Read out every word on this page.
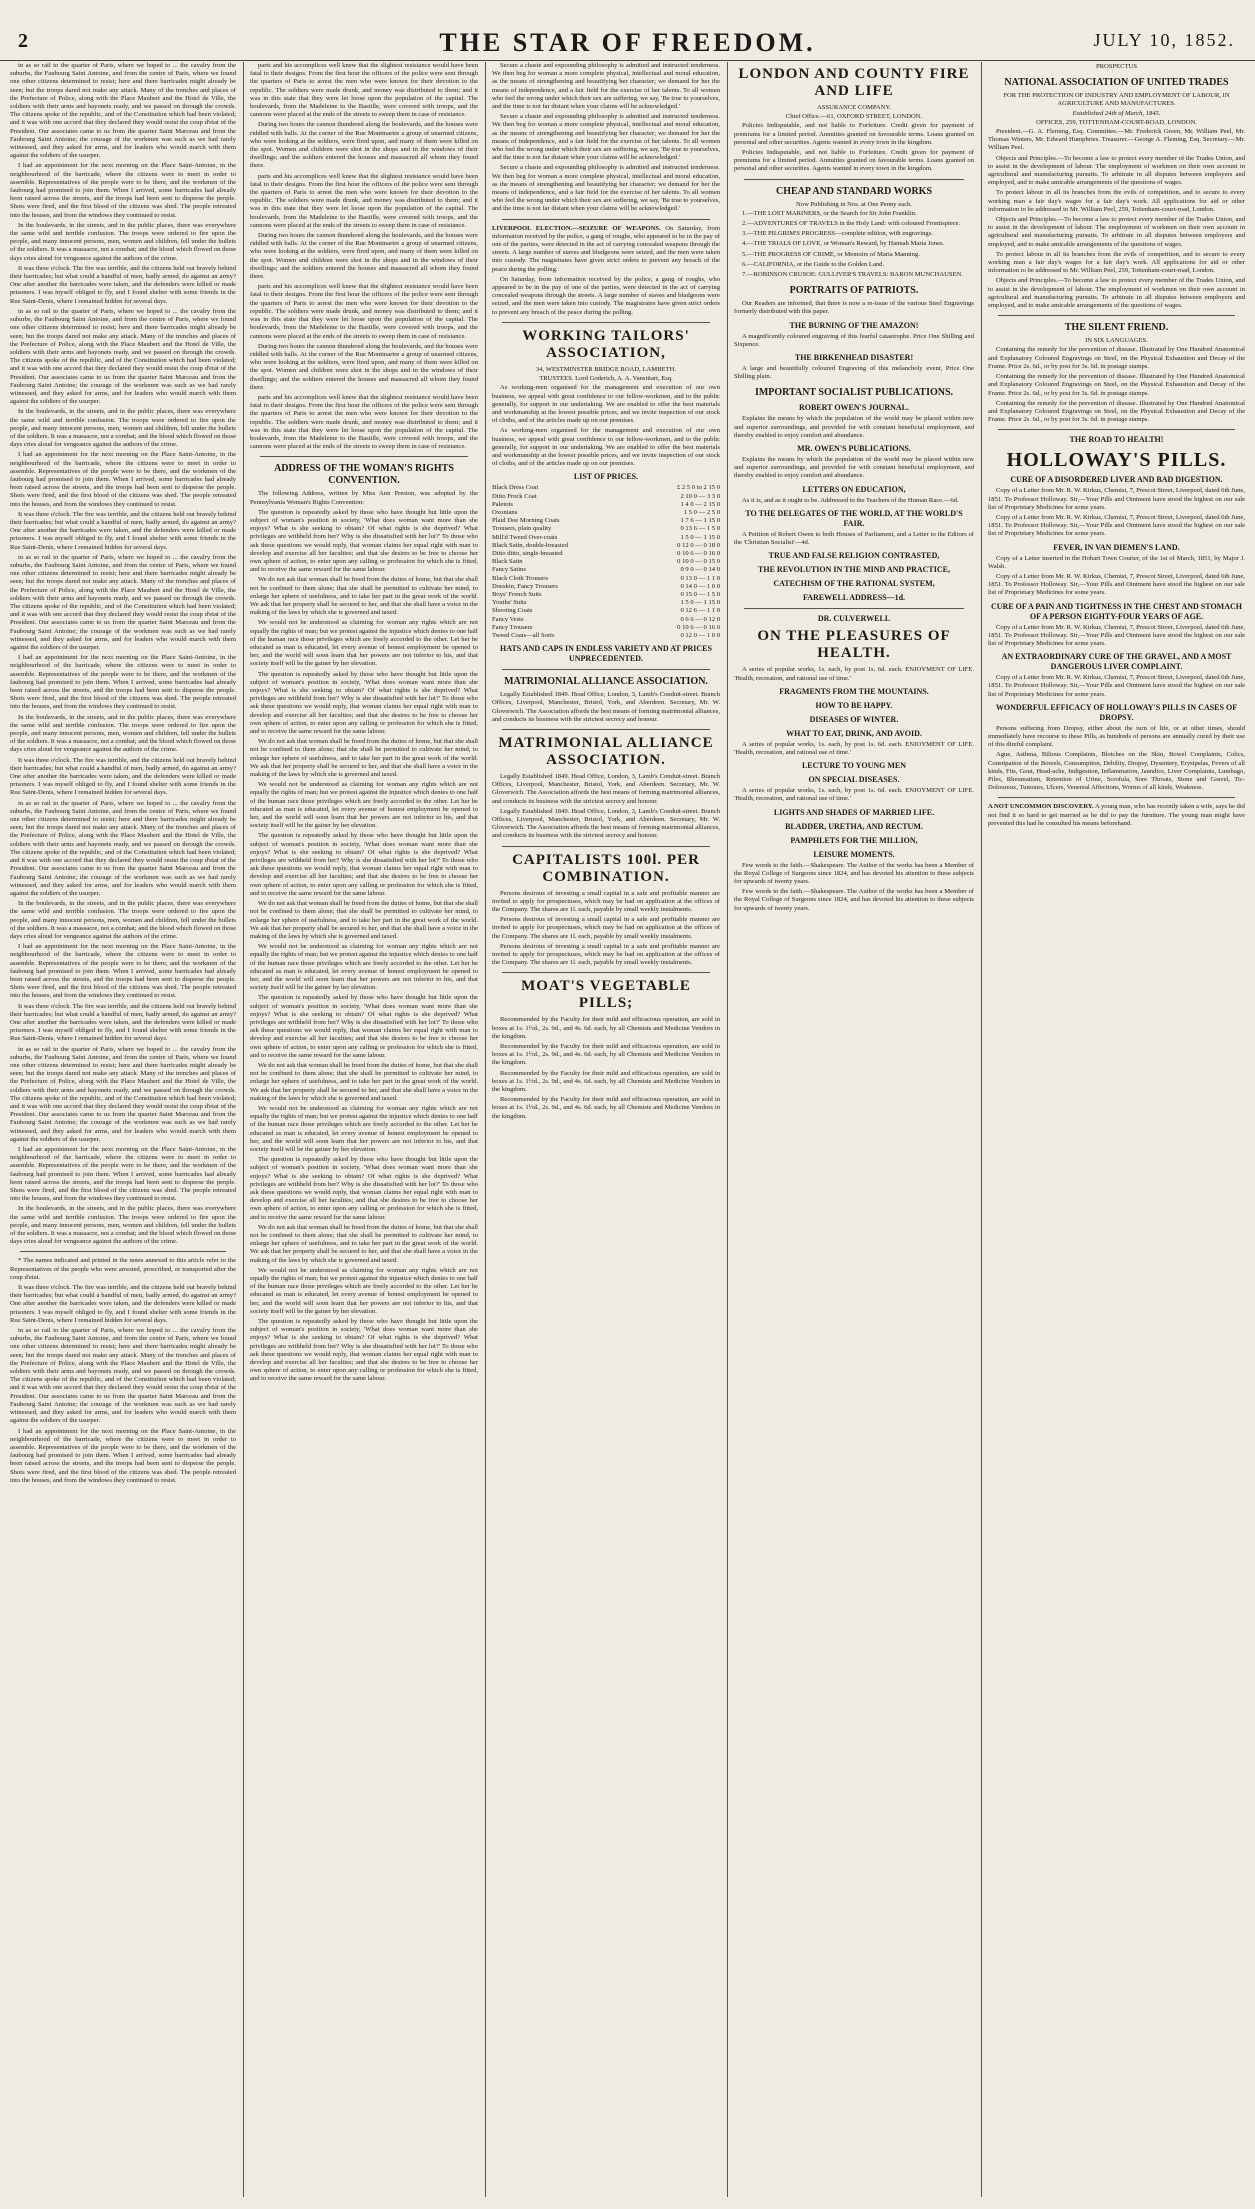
2	THE STAR OF FREEDOM.	JULY 10, 1852.

in as so rail to the quarter of Paris, where we hoped to ... the cavalry from the suburbs, the Faubourg Saint Antoine, and from the centre of Paris, where we found one other citizens determined to resist; here and there barricades might already be seen; but the troops dared not make any attack. Many of the trenches and places of the Prefecture of Police, along with the Place Maubert and the Hotel de Ville, the soldiers with their arms and bayonets ready, and we passed on through the crowds. The citizens spoke of the republic, and of the Constitution which had been violated; and it was with one accord that they declared they would resist the coup d'etat of the President. Our associates came to us from the quarter Saint Marceau and from the Faubourg Saint Antoine; the courage of the workmen was such as we had rarely witnessed, and they asked for arms, and for leaders who would march with them against the soldiers of the usurper.

I had an appointment for the next morning on the Place Saint-Antoine, in the neighbourhood of the barricade, where the citizens were to meet in order to assemble. Representatives of the people were to be there, and the workmen of the faubourg had promised to join them. When I arrived, some barricades had already been raised across the streets, and the troops had been sent to disperse the people. Shots were fired, and the first blood of the citizens was shed. The people retreated into the houses, and from the windows they continued to resist.

In the boulevards, in the streets, and in the public places, there was everywhere the same wild and terrible confusion. The troops were ordered to fire upon the people, and many innocent persons, men, women and children, fell under the bullets of the soldiers. It was a massacre, not a combat; and the blood which flowed on those days cries aloud for vengeance against the authors of the crime.

It was three o'clock. The fire was terrible, and the citizens held out bravely behind their barricades; but what could a handful of men, badly armed, do against an army? One after another the barricades were taken, and the defenders were killed or made prisoners. I was myself obliged to fly, and I found shelter with some friends in the Rue Saint-Denis, where I remained hidden for several days.

in as so rail to the quarter of Paris, where we hoped to ... the cavalry from the suburbs, the Faubourg Saint Antoine, and from the centre of Paris, where we found one other citizens determined to resist; here and there barricades might already be seen; but the troops dared not make any attack. Many of the trenches and places of the Prefecture of Police, along with the Place Maubert and the Hotel de Ville, the soldiers with their arms and bayonets ready, and we passed on through the crowds. The citizens spoke of the republic, and of the Constitution which had been violated; and it was with one accord that they declared they would resist the coup d'etat of the President. Our associates came to us from the quarter Saint Marceau and from the Faubourg Saint Antoine; the courage of the workmen was such as we had rarely witnessed, and they asked for arms, and for leaders who would march with them against the soldiers of the usurper.

In the boulevards, in the streets, and in the public places, there was everywhere the same wild and terrible confusion. The troops were ordered to fire upon the people, and many innocent persons, men, women and children, fell under the bullets of the soldiers. It was a massacre, not a combat; and the blood which flowed on those days cries aloud for vengeance against the authors of the crime.

I had an appointment for the next morning on the Place Saint-Antoine, in the neighbourhood of the barricade, where the citizens were to meet in order to assemble. Representatives of the people were to be there, and the workmen of the faubourg had promised to join them. When I arrived, some barricades had already been raised across the streets, and the troops had been sent to disperse the people. Shots were fired, and the first blood of the citizens was shed. The people retreated into the houses, and from the windows they continued to resist.

It was three o'clock. The fire was terrible, and the citizens held out bravely behind their barricades; but what could a handful of men, badly armed, do against an army? One after another the barricades were taken, and the defenders were killed or made prisoners. I was myself obliged to fly, and I found shelter with some friends in the Rue Saint-Denis, where I remained hidden for several days.

in as so rail to the quarter of Paris, where we hoped to ... the cavalry from the suburbs, the Faubourg Saint Antoine, and from the centre of Paris, where we found one other citizens determined to resist; here and there barricades might already be seen; but the troops dared not make any attack. Many of the trenches and places of the Prefecture of Police, along with the Place Maubert and the Hotel de Ville, the soldiers with their arms and bayonets ready, and we passed on through the crowds. The citizens spoke of the republic, and of the Constitution which had been violated; and it was with one accord that they declared they would resist the coup d'etat of the President. Our associates came to us from the quarter Saint Marceau and from the Faubourg Saint Antoine; the courage of the workmen was such as we had rarely witnessed, and they asked for arms, and for leaders who would march with them against the soldiers of the usurper.

I had an appointment for the next morning on the Place Saint-Antoine, in the neighbourhood of the barricade, where the citizens were to meet in order to assemble. Representatives of the people were to be there, and the workmen of the faubourg had promised to join them. When I arrived, some barricades had already been raised across the streets, and the troops had been sent to disperse the people. Shots were fired, and the first blood of the citizens was shed. The people retreated into the houses, and from the windows they continued to resist.

In the boulevards, in the streets, and in the public places, there was everywhere the same wild and terrible confusion. The troops were ordered to fire upon the people, and many innocent persons, men, women and children, fell under the bullets of the soldiers. It was a massacre, not a combat; and the blood which flowed on those days cries aloud for vengeance against the authors of the crime.

It was three o'clock. The fire was terrible, and the citizens held out bravely behind their barricades; but what could a handful of men, badly armed, do against an army? One after another the barricades were taken, and the defenders were killed or made prisoners. I was myself obliged to fly, and I found shelter with some friends in the Rue Saint-Denis, where I remained hidden for several days.

in as so rail to the quarter of Paris, where we hoped to ... the cavalry from the suburbs, the Faubourg Saint Antoine, and from the centre of Paris, where we found one other citizens determined to resist; here and there barricades might already be seen; but the troops dared not make any attack. Many of the trenches and places of the Prefecture of Police, along with the Place Maubert and the Hotel de Ville, the soldiers with their arms and bayonets ready, and we passed on through the crowds. The citizens spoke of the republic, and of the Constitution which had been violated; and it was with one accord that they declared they would resist the coup d'etat of the President. Our associates came to us from the quarter Saint Marceau and from the Faubourg Saint Antoine; the courage of the workmen was such as we had rarely witnessed, and they asked for arms, and for leaders who would march with them against the soldiers of the usurper.

In the boulevards, in the streets, and in the public places, there was everywhere the same wild and terrible confusion. The troops were ordered to fire upon the people, and many innocent persons, men, women and children, fell under the bullets of the soldiers. It was a massacre, not a combat; and the blood which flowed on those days cries aloud for vengeance against the authors of the crime.

I had an appointment for the next morning on the Place Saint-Antoine, in the neighbourhood of the barricade, where the citizens were to meet in order to assemble. Representatives of the people were to be there, and the workmen of the faubourg had promised to join them. When I arrived, some barricades had already been raised across the streets, and the troops had been sent to disperse the people. Shots were fired, and the first blood of the citizens was shed. The people retreated into the houses, and from the windows they continued to resist.

It was three o'clock. The fire was terrible, and the citizens held out bravely behind their barricades; but what could a handful of men, badly armed, do against an army? One after another the barricades were taken, and the defenders were killed or made prisoners. I was myself obliged to fly, and I found shelter with some friends in the Rue Saint-Denis, where I remained hidden for several days.

in as so rail to the quarter of Paris, where we hoped to ... the cavalry from the suburbs, the Faubourg Saint Antoine, and from the centre of Paris, where we found one other citizens determined to resist; here and there barricades might already be seen; but the troops dared not make any attack. Many of the trenches and places of the Prefecture of Police, along with the Place Maubert and the Hotel de Ville, the soldiers with their arms and bayonets ready, and we passed on through the crowds. The citizens spoke of the republic, and of the Constitution which had been violated; and it was with one accord that they declared they would resist the coup d'etat of the President. Our associates came to us from the quarter Saint Marceau and from the Faubourg Saint Antoine; the courage of the workmen was such as we had rarely witnessed, and they asked for arms, and for leaders who would march with them against the soldiers of the usurper.

I had an appointment for the next morning on the Place Saint-Antoine, in the neighbourhood of the barricade, where the citizens were to meet in order to assemble. Representatives of the people were to be there, and the workmen of the faubourg had promised to join them. When I arrived, some barricades had already been raised across the streets, and the troops had been sent to disperse the people. Shots were fired, and the first blood of the citizens was shed. The people retreated into the houses, and from the windows they continued to resist.

In the boulevards, in the streets, and in the public places, there was everywhere the same wild and terrible confusion. The troops were ordered to fire upon the people, and many innocent persons, men, women and children, fell under the bullets of the soldiers. It was a massacre, not a combat; and the blood which flowed on those days cries aloud for vengeance against the authors of the crime.

* The names indicated and printed in the notes annexed to this article refer to the Representatives of the people who were arrested, proscribed, or transported after the coup d'etat.

It was three o'clock. The fire was terrible, and the citizens held out bravely behind their barricades; but what could a handful of men, badly armed, do against an army? One after another the barricades were taken, and the defenders were killed or made prisoners. I was myself obliged to fly, and I found shelter with some friends in the Rue Saint-Denis, where I remained hidden for several days.

in as so rail to the quarter of Paris, where we hoped to ... the cavalry from the suburbs, the Faubourg Saint Antoine, and from the centre of Paris, where we found one other citizens determined to resist; here and there barricades might already be seen; but the troops dared not make any attack. Many of the trenches and places of the Prefecture of Police, along with the Place Maubert and the Hotel de Ville, the soldiers with their arms and bayonets ready, and we passed on through the crowds. The citizens spoke of the republic, and of the Constitution which had been violated; and it was with one accord that they declared they would resist the coup d'etat of the President. Our associates came to us from the quarter Saint Marceau and from the Faubourg Saint Antoine; the courage of the workmen was such as we had rarely witnessed, and they asked for arms, and for leaders who would march with them against the soldiers of the usurper.

I had an appointment for the next morning on the Place Saint-Antoine, in the neighbourhood of the barricade, where the citizens were to meet in order to assemble. Representatives of the people were to be there, and the workmen of the faubourg had promised to join them. When I arrived, some barricades had already been raised across the streets, and the troops had been sent to disperse the people. Shots were fired, and the first blood of the citizens was shed. The people retreated into the houses, and from the windows they continued to resist.

parts and his accomplices well knew that the slightest resistance would have been fatal to their designs. From the first hour the officers of the police were sent through the quarters of Paris to arrest the men who were known for their devotion to the republic. The soldiers were made drunk, and money was distributed to them; and it was in this state that they were let loose upon the population of the capital. The boulevards, from the Madeleine to the Bastille, were covered with troops, and the cannons were placed at the ends of the streets to sweep them in case of resistance.

During two hours the cannon thundered along the boulevards, and the houses were riddled with balls. At the corner of the Rue Montmartre a group of unarmed citizens, who were looking at the soldiers, were fired upon, and many of them were killed on the spot. Women and children were shot in the shops and in the windows of their dwellings; and the soldiers entered the houses and massacred all whom they found there.

parts and his accomplices well knew that the slightest resistance would have been fatal to their designs. From the first hour the officers of the police were sent through the quarters of Paris to arrest the men who were known for their devotion to the republic. The soldiers were made drunk, and money was distributed to them; and it was in this state that they were let loose upon the population of the capital. The boulevards, from the Madeleine to the Bastille, were covered with troops, and the cannons were placed at the ends of the streets to sweep them in case of resistance.

During two hours the cannon thundered along the boulevards, and the houses were riddled with balls. At the corner of the Rue Montmartre a group of unarmed citizens, who were looking at the soldiers, were fired upon, and many of them were killed on the spot. Women and children were shot in the shops and in the windows of their dwellings; and the soldiers entered the houses and massacred all whom they found there.

parts and his accomplices well knew that the slightest resistance would have been fatal to their designs. From the first hour the officers of the police were sent through the quarters of Paris to arrest the men who were known for their devotion to the republic. The soldiers were made drunk, and money was distributed to them; and it was in this state that they were let loose upon the population of the capital. The boulevards, from the Madeleine to the Bastille, were covered with troops, and the cannons were placed at the ends of the streets to sweep them in case of resistance.

During two hours the cannon thundered along the boulevards, and the houses were riddled with balls. At the corner of the Rue Montmartre a group of unarmed citizens, who were looking at the soldiers, were fired upon, and many of them were killed on the spot. Women and children were shot in the shops and in the windows of their dwellings; and the soldiers entered the houses and massacred all whom they found there.

parts and his accomplices well knew that the slightest resistance would have been fatal to their designs. From the first hour the officers of the police were sent through the quarters of Paris to arrest the men who were known for their devotion to the republic. The soldiers were made drunk, and money was distributed to them; and it was in this state that they were let loose upon the population of the capital. The boulevards, from the Madeleine to the Bastille, were covered with troops, and the cannons were placed at the ends of the streets to sweep them in case of resistance.

ADDRESS OF THE WOMAN'S RIGHTS CONVENTION.

The following Address, written by Miss Ann Preston, was adopted by the Pennsylvania Woman's Rights Convention:

The question is repeatedly asked by those who have thought but little upon the subject of woman's position in society, 'What does woman want more than she enjoys? What is she seeking to obtain? Of what rights is she deprived? What privileges are withheld from her? Why is she dissatisfied with her lot?' To those who ask these questions we would reply, that woman claims her equal right with man to develop and exercise all her faculties; and that she desires to be free to choose her own sphere of action, to enter upon any calling or profession for which she is fitted, and to receive the same reward for the same labour.

We do not ask that woman shall be freed from the duties of home, but that she shall not be confined to them alone; that she shall be permitted to cultivate her mind, to enlarge her sphere of usefulness, and to take her part in the great work of the world. We ask that her property shall be secured to her, and that she shall have a voice in the making of the laws by which she is governed and taxed.

We would not be understood as claiming for woman any rights which are not equally the rights of man; but we protest against the injustice which denies to one half of the human race those privileges which are freely accorded to the other. Let her be educated as man is educated, let every avenue of honest employment be opened to her, and the world will soon learn that her powers are not inferior to his, and that society itself will be the gainer by her elevation.

The question is repeatedly asked by those who have thought but little upon the subject of woman's position in society, 'What does woman want more than she enjoys? What is she seeking to obtain? Of what rights is she deprived? What privileges are withheld from her? Why is she dissatisfied with her lot?' To those who ask these questions we would reply, that woman claims her equal right with man to develop and exercise all her faculties; and that she desires to be free to choose her own sphere of action, to enter upon any calling or profession for which she is fitted, and to receive the same reward for the same labour.

We do not ask that woman shall be freed from the duties of home, but that she shall not be confined to them alone; that she shall be permitted to cultivate her mind, to enlarge her sphere of usefulness, and to take her part in the great work of the world. We ask that her property shall be secured to her, and that she shall have a voice in the making of the laws by which she is governed and taxed.

We would not be understood as claiming for woman any rights which are not equally the rights of man; but we protest against the injustice which denies to one half of the human race those privileges which are freely accorded to the other. Let her be educated as man is educated, let every avenue of honest employment be opened to her, and the world will soon learn that her powers are not inferior to his, and that society itself will be the gainer by her elevation.

The question is repeatedly asked by those who have thought but little upon the subject of woman's position in society, 'What does woman want more than she enjoys? What is she seeking to obtain? Of what rights is she deprived? What privileges are withheld from her? Why is she dissatisfied with her lot?' To those who ask these questions we would reply, that woman claims her equal right with man to develop and exercise all her faculties; and that she desires to be free to choose her own sphere of action, to enter upon any calling or profession for which she is fitted, and to receive the same reward for the same labour.

We do not ask that woman shall be freed from the duties of home, but that she shall not be confined to them alone; that she shall be permitted to cultivate her mind, to enlarge her sphere of usefulness, and to take her part in the great work of the world. We ask that her property shall be secured to her, and that she shall have a voice in the making of the laws by which she is governed and taxed.

We would not be understood as claiming for woman any rights which are not equally the rights of man; but we protest against the injustice which denies to one half of the human race those privileges which are freely accorded to the other. Let her be educated as man is educated, let every avenue of honest employment be opened to her, and the world will soon learn that her powers are not inferior to his, and that society itself will be the gainer by her elevation.

The question is repeatedly asked by those who have thought but little upon the subject of woman's position in society, 'What does woman want more than she enjoys? What is she seeking to obtain? Of what rights is she deprived? What privileges are withheld from her? Why is she dissatisfied with her lot?' To those who ask these questions we would reply, that woman claims her equal right with man to develop and exercise all her faculties; and that she desires to be free to choose her own sphere of action, to enter upon any calling or profession for which she is fitted, and to receive the same reward for the same labour.

We do not ask that woman shall be freed from the duties of home, but that she shall not be confined to them alone; that she shall be permitted to cultivate her mind, to enlarge her sphere of usefulness, and to take her part in the great work of the world. We ask that her property shall be secured to her, and that she shall have a voice in the making of the laws by which she is governed and taxed.

We would not be understood as claiming for woman any rights which are not equally the rights of man; but we protest against the injustice which denies to one half of the human race those privileges which are freely accorded to the other. Let her be educated as man is educated, let every avenue of honest employment be opened to her, and the world will soon learn that her powers are not inferior to his, and that society itself will be the gainer by her elevation.

The question is repeatedly asked by those who have thought but little upon the subject of woman's position in society, 'What does woman want more than she enjoys? What is she seeking to obtain? Of what rights is she deprived? What privileges are withheld from her? Why is she dissatisfied with her lot?' To those who ask these questions we would reply, that woman claims her equal right with man to develop and exercise all her faculties; and that she desires to be free to choose her own sphere of action, to enter upon any calling or profession for which she is fitted, and to receive the same reward for the same labour.

We do not ask that woman shall be freed from the duties of home, but that she shall not be confined to them alone; that she shall be permitted to cultivate her mind, to enlarge her sphere of usefulness, and to take her part in the great work of the world. We ask that her property shall be secured to her, and that she shall have a voice in the making of the laws by which she is governed and taxed.

We would not be understood as claiming for woman any rights which are not equally the rights of man; but we protest against the injustice which denies to one half of the human race those privileges which are freely accorded to the other. Let her be educated as man is educated, let every avenue of honest employment be opened to her, and the world will soon learn that her powers are not inferior to his, and that society itself will be the gainer by her elevation.

The question is repeatedly asked by those who have thought but little upon the subject of woman's position in society, 'What does woman want more than she enjoys? What is she seeking to obtain? Of what rights is she deprived? What privileges are withheld from her? Why is she dissatisfied with her lot?' To those who ask these questions we would reply, that woman claims her equal right with man to develop and exercise all her faculties; and that she desires to be free to choose her own sphere of action, to enter upon any calling or profession for which she is fitted, and to receive the same reward for the same labour.

Secure a chaste and expounding philosophy is admitted and instructed tenderness. We then beg for woman a more complete physical, intellectual and moral education, as the means of strengthening and beautifying her character; we demand for her the means of independence, and a fair field for the exercise of her talents. To all women who feel the wrong under which their sex are suffering, we say, 'Be true to yourselves, and the time is not far distant when your claims will be acknowledged.'

Secure a chaste and expounding philosophy is admitted and instructed tenderness. We then beg for woman a more complete physical, intellectual and moral education, as the means of strengthening and beautifying her character; we demand for her the means of independence, and a fair field for the exercise of her talents. To all women who feel the wrong under which their sex are suffering, we say, 'Be true to yourselves, and the time is not far distant when your claims will be acknowledged.'

Secure a chaste and expounding philosophy is admitted and instructed tenderness. We then beg for woman a more complete physical, intellectual and moral education, as the means of strengthening and beautifying her character; we demand for her the means of independence, and a fair field for the exercise of her talents. To all women who feel the wrong under which their sex are suffering, we say, 'Be true to yourselves, and the time is not far distant when your claims will be acknowledged.'

LIVERPOOL ELECTION.—SEIZURE OF WEAPONS. On Saturday, from information received by the police, a gang of roughs, who appeared to be in the pay of one of the parties, were detected in the act of carrying concealed weapons through the streets. A large number of staves and bludgeons were seized, and the men were taken into custody. The magistrates have given strict orders to prevent any breach of the peace during the polling.

On Saturday, from information received by the police, a gang of roughs, who appeared to be in the pay of one of the parties, were detected in the act of carrying concealed weapons through the streets. A large number of staves and bludgeons were seized, and the men were taken into custody. The magistrates have given strict orders to prevent any breach of the peace during the polling.

WORKING TAILORS' ASSOCIATION,
34, WESTMINSTER BRIDGE ROAD, LAMBETH.
TRUSTEES. Lord Goderich, A. A. Vansittart, Esq.

As working-men organised for the management and execution of our own business, we appeal with great confidence to our fellow-workmen, and to the public generally, for support in our undertaking. We are enabled to offer the best materials and workmanship at the lowest possible prices, and we invite inspection of our stock of cloths, and of the articles made up on our premises.

As working-men organised for the management and execution of our own business, we appeal with great confidence to our fellow-workmen, and to the public generally, for support in our undertaking. We are enabled to offer the best materials and workmanship at the lowest possible prices, and we invite inspection of our stock of cloths, and of the articles made up on our premises.

LIST OF PRICES.
Black Dress Coat	£ 2 5 0 to 2 15 0
Ditto Frock Coat	2 10 0 — 3 3 0
Paletots	1 4 0 — 2 15 0
Oxonians	1 5 0 — 2 5 0
Plaid Doe Morning Coats	1 7 6 — 1 15 0
Trousers, plain quality	0 13 6 — 1 5 0
Mill'd Tweed Over-coats	1 5 0 — 1 15 0
Black Satin, double-breasted	0 12 0 — 0 18 0
Ditto ditto, single-breasted	0 10 6 — 0 16 0
Black Satin	0 10 0 — 0 15 0
Fancy Satins	0 9 0 — 0 14 0
Black Cloth Trousers	0 13 0 — 1 1 0
Doeskin, Fancy Trousers	0 14 0 — 1 0 0
Boys' French Suits	0 15 0 — 1 5 0
Youths' Suits	1 5 0 — 1 15 0
Shooting Coats	0 12 6 — 1 1 0
Fancy Vests	0 6 6 — 0 12 0
Fancy Trousers	0 10 6 — 0 16 0
Tweed Coats—all Sorts	0 12 0 — 1 0 0
HATS AND CAPS IN ENDLESS VARIETY AND AT PRICES UNPRECEDENTED.
MATRIMONIAL ALLIANCE ASSOCIATION.

Legally Established 1849. Head Office, London, 3, Lamb's Conduit-street. Branch Offices, Liverpool, Manchester, Bristol, York, and Aberdeen. Secretary, Mr. W. Gloverwich. The Association affords the best means of forming matrimonial alliances, and conducts its business with the strictest secrecy and honour.

MATRIMONIAL ALLIANCE ASSOCIATION.

Legally Established 1849. Head Office, London, 3, Lamb's Conduit-street. Branch Offices, Liverpool, Manchester, Bristol, York, and Aberdeen. Secretary, Mr. W. Gloverwich. The Association affords the best means of forming matrimonial alliances, and conducts its business with the strictest secrecy and honour.

Legally Established 1849. Head Office, London, 3, Lamb's Conduit-street. Branch Offices, Liverpool, Manchester, Bristol, York, and Aberdeen. Secretary, Mr. W. Gloverwich. The Association affords the best means of forming matrimonial alliances, and conducts its business with the strictest secrecy and honour.

CAPITALISTS 100l. PER COMBINATION.

Persons desirous of investing a small capital in a safe and profitable manner are invited to apply for prospectuses, which may be had on application at the offices of the Company. The shares are 1l. each, payable by small weekly instalments.

Persons desirous of investing a small capital in a safe and profitable manner are invited to apply for prospectuses, which may be had on application at the offices of the Company. The shares are 1l. each, payable by small weekly instalments.

Persons desirous of investing a small capital in a safe and profitable manner are invited to apply for prospectuses, which may be had on application at the offices of the Company. The shares are 1l. each, payable by small weekly instalments.

MOAT'S VEGETABLE PILLS;

Recommended by the Faculty for their mild and efficacious operation, are sold in boxes at 1s. 1½d., 2s. 9d., and 4s. 6d. each, by all Chemists and Medicine Vendors in the kingdom.

Recommended by the Faculty for their mild and efficacious operation, are sold in boxes at 1s. 1½d., 2s. 9d., and 4s. 6d. each, by all Chemists and Medicine Vendors in the kingdom.

Recommended by the Faculty for their mild and efficacious operation, are sold in boxes at 1s. 1½d., 2s. 9d., and 4s. 6d. each, by all Chemists and Medicine Vendors in the kingdom.

Recommended by the Faculty for their mild and efficacious operation, are sold in boxes at 1s. 1½d., 2s. 9d., and 4s. 6d. each, by all Chemists and Medicine Vendors in the kingdom.

LONDON AND COUNTY FIRE AND LIFE
ASSURANCE COMPANY.
Chief Office.—61, OXFORD STREET, LONDON.

Policies Indisputable, and not liable to Forfeiture. Credit given for payment of premiums for a limited period. Annuities granted on favourable terms. Loans granted on personal and other securities. Agents wanted in every town in the kingdom.

Policies Indisputable, and not liable to Forfeiture. Credit given for payment of premiums for a limited period. Annuities granted on favourable terms. Loans granted on personal and other securities. Agents wanted in every town in the kingdom.

CHEAP AND STANDARD WORKS
Now Publishing in Nos. at One Penny each.

1.—THE LOST MARINERS, or the Search for Sir John Franklin.

2.—ADVENTURES OF TRAVELS in the Holy Land: with coloured Frontispiece.

3.—THE PILGRIM'S PROGRESS—complete edition, with engravings.

4.—THE TRIALS OF LOVE, or Woman's Reward, by Hannah Maria Jones.

5.—THE PROGRESS OF CRIME, or Memoirs of Maria Manning.

6.—CALIFORNIA, or the Guide to the Golden Land.

7.—ROBINSON CRUSOE: GULLIVER'S TRAVELS: BARON MUNCHAUSEN.

PORTRAITS OF PATRIOTS.

Our Readers are informed, that there is now a re-issue of the various Steel Engravings formerly distributed with this paper.

THE BURNING OF THE AMAZON!

A magnificently coloured engraving of this fearful catastrophe. Price One Shilling and Sixpence.

THE BIRKENHEAD DISASTER!

A large and beautifully coloured Engraving of this melancholy event, Price One Shilling plain.

IMPORTANT SOCIALIST PUBLICATIONS.
ROBERT OWEN'S JOURNAL.

Explains the means by which the population of the world may be placed within new and superior surroundings, and provided for with constant beneficial employment, and thereby enabled to enjoy comfort and abundance.

MR. OWEN'S PUBLICATIONS.

Explains the means by which the population of the world may be placed within new and superior surroundings, and provided for with constant beneficial employment, and thereby enabled to enjoy comfort and abundance.

LETTERS ON EDUCATION,

As it is, and as it ought to be. Addressed to the Teachers of the Human Race.—6d.

TO THE DELEGATES OF THE WORLD, AT THE WORLD'S FAIR.

A Petition of Robert Owen to both Houses of Parliament, and a Letter to the Editors of the 'Christian Socialist'—4d.

TRUE AND FALSE RELIGION CONTRASTED,
THE REVOLUTION IN THE MIND AND PRACTICE,
CATECHISM OF THE RATIONAL SYSTEM,
FAREWELL ADDRESS—1d.
DR. CULVERWELL
ON THE PLEASURES OF HEALTH.

A series of popular works, 1s. each, by post 1s. 6d. each. ENJOYMENT OF LIFE. 'Health, recreation, and rational use of time.'

FRAGMENTS FROM THE MOUNTAINS.
HOW TO BE HAPPY.
DISEASES OF WINTER.
WHAT TO EAT, DRINK, AND AVOID.

A series of popular works, 1s. each, by post 1s. 6d. each. ENJOYMENT OF LIFE. 'Health, recreation, and rational use of time.'

LECTURE TO YOUNG MEN
ON SPECIAL DISEASES.

A series of popular works, 1s. each, by post 1s. 6d. each. ENJOYMENT OF LIFE. 'Health, recreation, and rational use of time.'

LIGHTS AND SHADES OF MARRIED LIFE.
BLADDER, URETHA, AND RECTUM.
PAMPHLETS FOR THE MILLION,
LEISURE MOMENTS.

Few words to the faith.—Shakespeare. The Author of the works has been a Member of the Royal College of Surgeons since 1824, and has devoted his attention to these subjects for upwards of twenty years.

Few words to the faith.—Shakespeare. The Author of the works has been a Member of the Royal College of Surgeons since 1824, and has devoted his attention to these subjects for upwards of twenty years.

PROSPECTUS
NATIONAL ASSOCIATION OF UNITED TRADES
FOR THE PROTECTION OF INDUSTRY AND EMPLOYMENT OF LABOUR, IN AGRICULTURE AND MANUFACTURES.
Established 24th of March, 1845.
OFFICES, 259, TOTTENHAM-COURT-ROAD, LONDON.

President.—G. A. Fleming, Esq. Committee.—Mr. Frederick Green, Mr. William Peel, Mr. Thomas Winters, Mr. Edward Humphries. Treasurer.—George A. Fleming, Esq. Secretary.—Mr. William Peel.

Objects and Principles.—To become a law to protect every member of the Trades Union, and to assist in the development of labour. The employment of workmen on their own account in agricultural and manufacturing pursuits. To arbitrate in all disputes between employers and employed, and to make amicable arrangements of the questions of wages.

To protect labour in all its branches from the evils of competition, and to secure to every working man a fair day's wages for a fair day's work. All applications for aid or other information to be addressed to Mr. William Peel, 259, Tottenham-court-road, London.

Objects and Principles.—To become a law to protect every member of the Trades Union, and to assist in the development of labour. The employment of workmen on their own account in agricultural and manufacturing pursuits. To arbitrate in all disputes between employers and employed, and to make amicable arrangements of the questions of wages.

To protect labour in all its branches from the evils of competition, and to secure to every working man a fair day's wages for a fair day's work. All applications for aid or other information to be addressed to Mr. William Peel, 259, Tottenham-court-road, London.

Objects and Principles.—To become a law to protect every member of the Trades Union, and to assist in the development of labour. The employment of workmen on their own account in agricultural and manufacturing pursuits. To arbitrate in all disputes between employers and employed, and to make amicable arrangements of the questions of wages.

THE SILENT FRIEND.
IN SIX LANGUAGES.

Containing the remedy for the prevention of disease. Illustrated by One Hundred Anatomical and Explanatory Coloured Engravings on Steel, on the Physical Exhaustion and Decay of the Frame. Price 2s. 6d., or by post for 3s. 6d. in postage stamps.

Containing the remedy for the prevention of disease. Illustrated by One Hundred Anatomical and Explanatory Coloured Engravings on Steel, on the Physical Exhaustion and Decay of the Frame. Price 2s. 6d., or by post for 3s. 6d. in postage stamps.

Containing the remedy for the prevention of disease. Illustrated by One Hundred Anatomical and Explanatory Coloured Engravings on Steel, on the Physical Exhaustion and Decay of the Frame. Price 2s. 6d., or by post for 3s. 6d. in postage stamps.

THE ROAD TO HEALTH!
HOLLOWAY'S PILLS.
CURE OF A DISORDERED LIVER AND BAD DIGESTION.

Copy of a Letter from Mr. R. W. Kirkus, Chemist, 7, Prescot Street, Liverpool, dated 6th June, 1851. To Professor Holloway. Sir,—Your Pills and Ointment have stood the highest on our sale list of Proprietary Medicines for some years.

Copy of a Letter from Mr. R. W. Kirkus, Chemist, 7, Prescot Street, Liverpool, dated 6th June, 1851. To Professor Holloway. Sir,—Your Pills and Ointment have stood the highest on our sale list of Proprietary Medicines for some years.

FEVER, IN VAN DIEMEN'S LAND.

Copy of a Letter inserted in the Hobart Town Courier, of the 1st of March, 1851, by Major J. Walsh.

Copy of a Letter from Mr. R. W. Kirkus, Chemist, 7, Prescot Street, Liverpool, dated 6th June, 1851. To Professor Holloway. Sir,—Your Pills and Ointment have stood the highest on our sale list of Proprietary Medicines for some years.

CURE OF A PAIN AND TIGHTNESS IN THE CHEST AND STOMACH OF A PERSON EIGHTY-FOUR YEARS OF AGE.

Copy of a Letter from Mr. R. W. Kirkus, Chemist, 7, Prescot Street, Liverpool, dated 6th June, 1851. To Professor Holloway. Sir,—Your Pills and Ointment have stood the highest on our sale list of Proprietary Medicines for some years.

AN EXTRAORDINARY CURE OF THE GRAVEL, AND A MOST DANGEROUS LIVER COMPLAINT.

Copy of a Letter from Mr. R. W. Kirkus, Chemist, 7, Prescot Street, Liverpool, dated 6th June, 1851. To Professor Holloway. Sir,—Your Pills and Ointment have stood the highest on our sale list of Proprietary Medicines for some years.

WONDERFUL EFFICACY OF HOLLOWAY'S PILLS IN CASES OF DROPSY.

Persons suffering from Dropsy, either about the turn of life, or at other times, should immediately have recourse to these Pills, as hundreds of persons are annually cured by their use of this direful complaint.

Ague, Asthma, Bilious Complaints, Blotches on the Skin, Bowel Complaints, Colics, Constipation of the Bowels, Consumption, Debility, Dropsy, Dysentery, Erysipelas, Fevers of all kinds, Fits, Gout, Head-ache, Indigestion, Inflammation, Jaundice, Liver Complaints, Lumbago, Piles, Rheumatism, Retention of Urine, Scrofula, Sore Throats, Stone and Gravel, Tic-Doloureux, Tumours, Ulcers, Venereal Affections, Worms of all kinds, Weakness.

A NOT UNCOMMON DISCOVERY. A young man, who has recently taken a wife, says he did not find it so hard to get married as he did to pay the furniture. The young man might have prevented this had he consulted his means beforehand.
